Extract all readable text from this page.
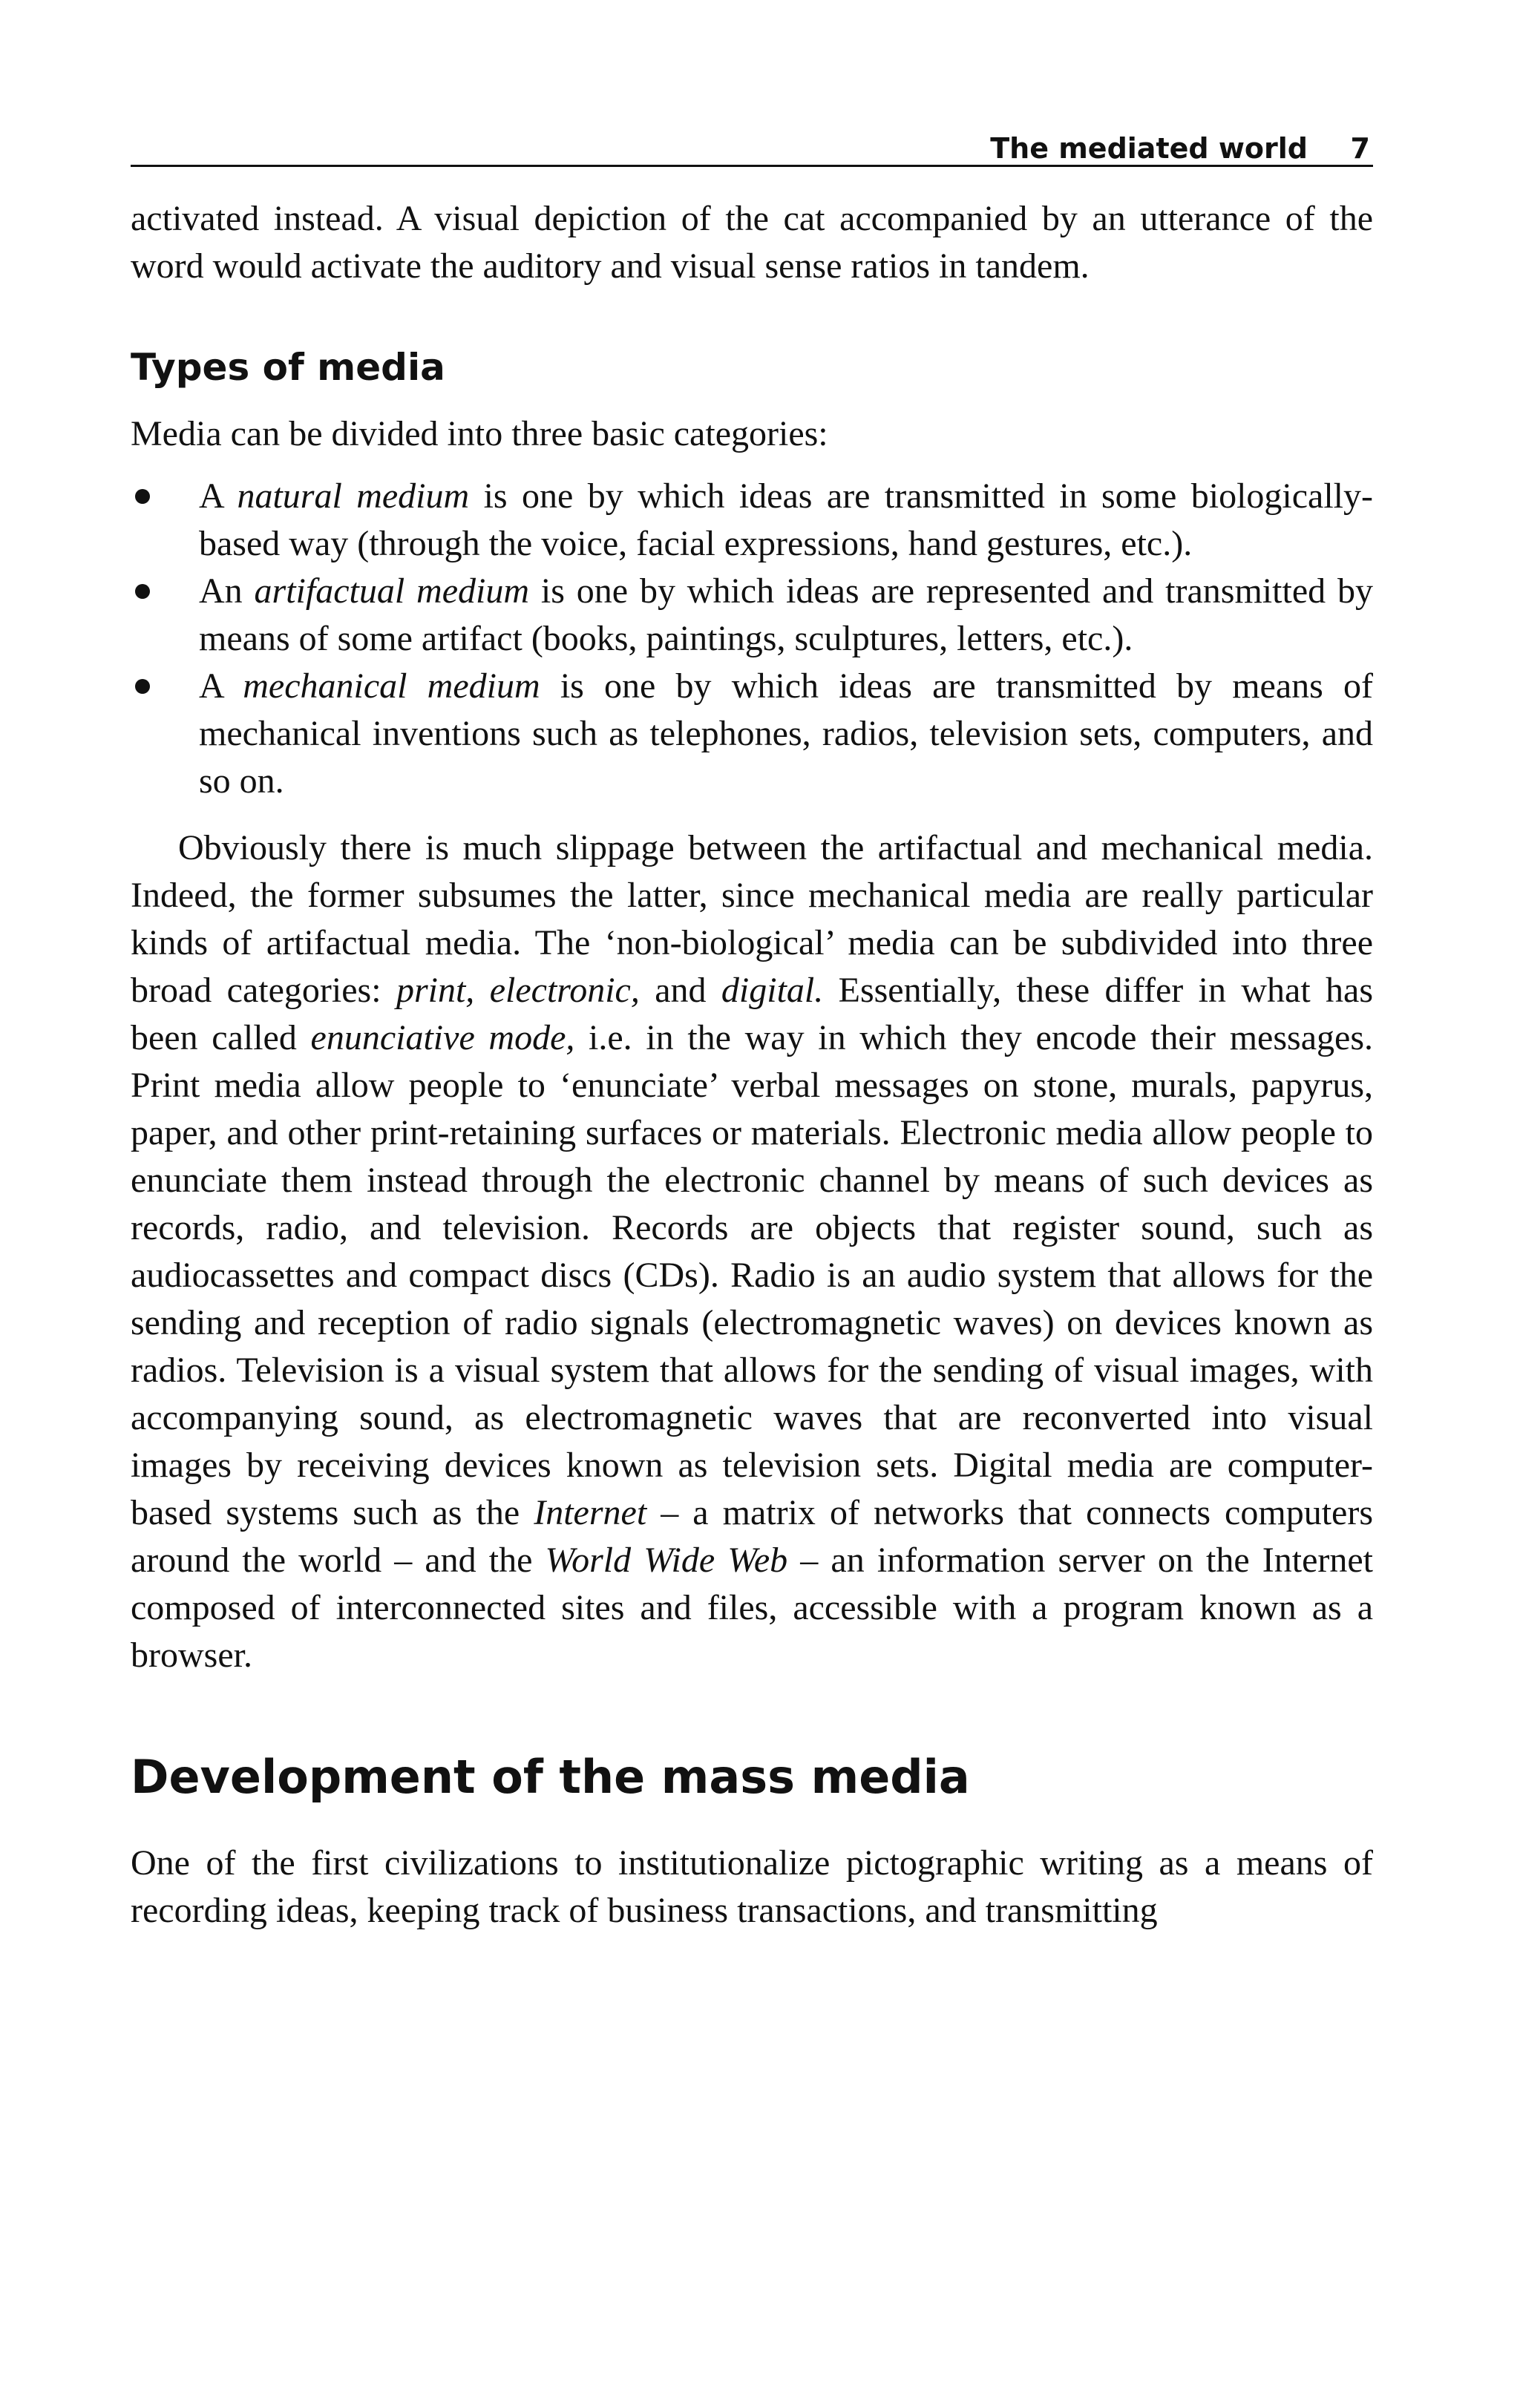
The mediated world 7

activated instead. A visual depiction of the cat accompanied by an utterance of the word would activate the auditory and visual sense ratios in tandem.

Types of media

Media can be divided into three basic categories:

A natural medium is one by which ideas are transmitted in some biologically-based way (through the voice, facial expressions, hand gestures, etc.).
An artifactual medium is one by which ideas are represented and transmitted by means of some artifact (books, paintings, sculptures, letters, etc.).
A mechanical medium is one by which ideas are transmitted by means of mechanical inventions such as telephones, radios, television sets, computers, and so on.

Obviously there is much slippage between the artifactual and mechanical media. Indeed, the former subsumes the latter, since mechanical media are really particular kinds of artifactual media. The ‘non-biological’ media can be subdivided into three broad categories: print, electronic, and digital. Essentially, these differ in what has been called enunciative mode, i.e. in the way in which they encode their messages. Print media allow people to ‘enunciate’ verbal messages on stone, murals, papyrus, paper, and other print-retaining surfaces or materials. Electronic media allow people to enunciate them instead through the electronic channel by means of such devices as records, radio, and television. Records are objects that register sound, such as audiocassettes and compact discs (CDs). Radio is an audio system that allows for the sending and reception of radio signals (electromagnetic waves) on devices known as radios. Television is a visual system that allows for the sending of visual images, with accompanying sound, as electromagnetic waves that are reconverted into visual images by receiving devices known as television sets. Digital media are computer-based systems such as the Internet – a matrix of networks that connects computers around the world – and the World Wide Web – an information server on the Internet composed of interconnected sites and files, accessible with a program known as a browser.

Development of the mass media

One of the first civilizations to institutionalize pictographic writing as a means of recording ideas, keeping track of business transactions, and transmitting
